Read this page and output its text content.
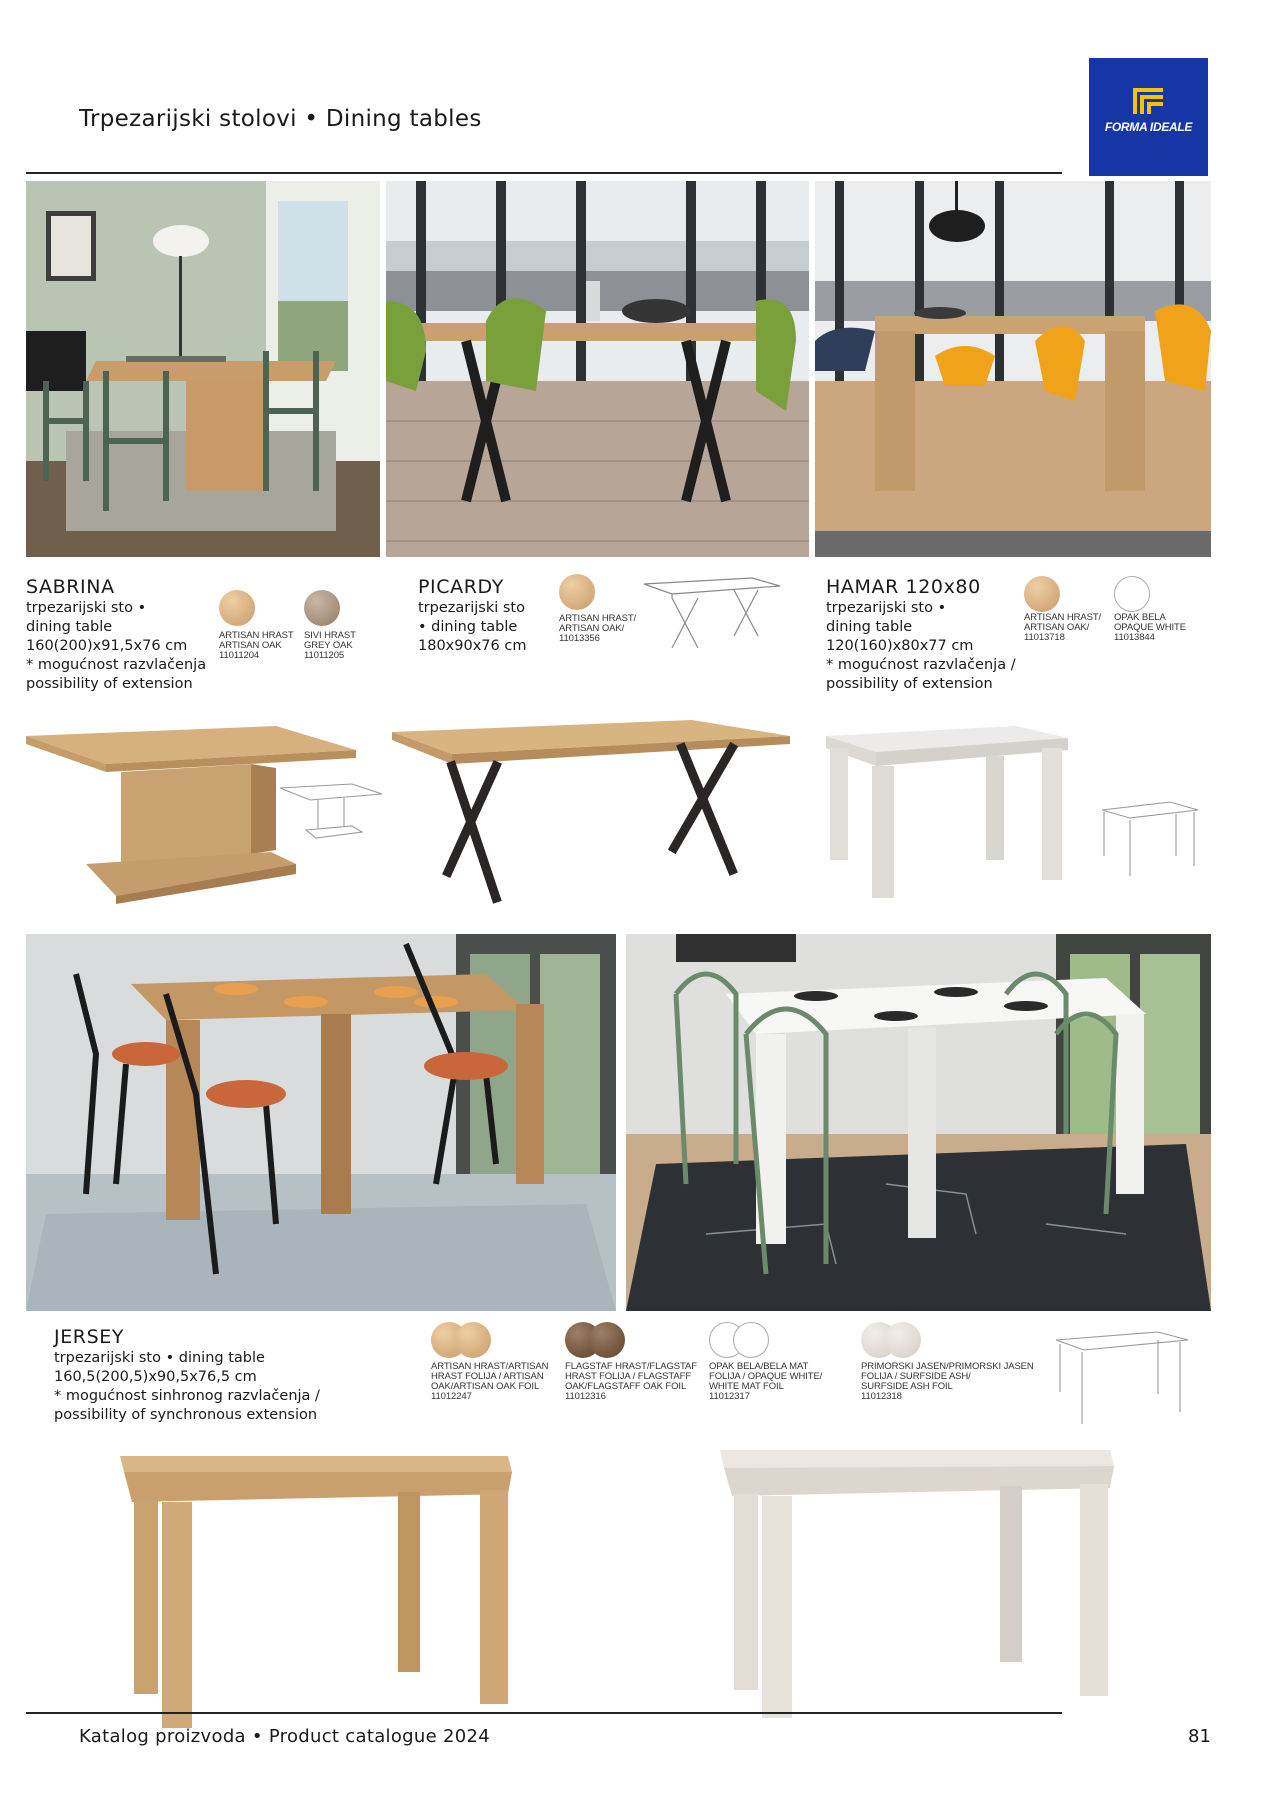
Trpezarijski stolovi • Dining tables	FORMA IDEALE
SABRINA
trpezarijski sto •
dining table
160(200)x91,5x76 cm
* mogućnost razvlačenja
possibility of extension
ARTISAN HRAST
ARTISAN OAK
11011204
SIVI HRAST
GREY OAK
11011205
PICARDY
trpezarijski sto
• dining table
180x90x76 cm
ARTISAN HRAST/
ARTISAN OAK/
11013356
HAMAR 120x80
trpezarijski sto •
dining table
120(160)x80x77 cm
* mogućnost razvlačenja /
possibility of extension
ARTISAN HRAST/
ARTISAN OAK/
11013718
OPAK BELA
OPAQUE WHITE
11013844
JERSEY
trpezarijski sto • dining table
160,5(200,5)x90,5x76,5 cm
* mogućnost sinhronog razvlačenja /
possibility of synchronous extension
ARTISAN HRAST/ARTISAN
HRAST FOLIJA / ARTISAN
OAK/ARTISAN OAK FOIL
11012247
FLAGSTAF HRAST/FLAGSTAF
HRAST FOLIJA / FLAGSTAFF
OAK/FLAGSTAFF OAK FOIL
11012316
OPAK BELA/BELA MAT
FOLIJA / OPAQUE WHITE/
WHITE MAT FOIL
11012317
PRIMORSKI JASEN/PRIMORSKI JASEN
FOLIJA / SURFSIDE ASH/
SURFSIDE ASH FOIL
11012318
Katalog proizvoda • Product catalogue 2024	81
